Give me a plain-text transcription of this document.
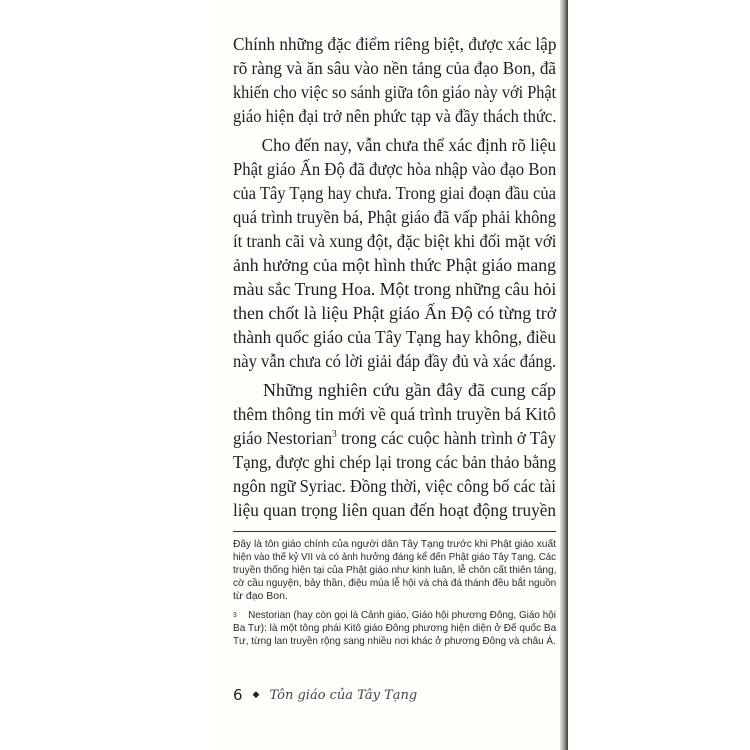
Chính những đặc điểm riêng biệt, được xác lập
rõ ràng và ăn sâu vào nền tảng của đạo Bon, đã
khiến cho việc so sánh giữa tôn giáo này với Phật
giáo hiện đại trở nên phức tạp và đầy thách thức.
Cho đến nay, vẫn chưa thể xác định rõ liệu
Phật giáo Ấn Độ đã được hòa nhập vào đạo Bon
của Tây Tạng hay chưa. Trong giai đoạn đầu của
quá trình truyền bá, Phật giáo đã vấp phải không
ít tranh cãi và xung đột, đặc biệt khi đối mặt với
ảnh hưởng của một hình thức Phật giáo mang
màu sắc Trung Hoa. Một trong những câu hỏi
then chốt là liệu Phật giáo Ấn Độ có từng trở
thành quốc giáo của Tây Tạng hay không, điều
này vẫn chưa có lời giải đáp đầy đủ và xác đáng.
Những nghiên cứu gần đây đã cung cấp
thêm thông tin mới về quá trình truyền bá Kitô
giáo Nestorian$^3$ trong các cuộc hành trình ở Tây
Tạng, được ghi chép lại trong các bản thảo bằng
ngôn ngữ Syriac. Đồng thời, việc công bố các tài
liệu quan trọng liên quan đến hoạt động truyền
Đây là tôn giáo chính của người dân Tây Tạng trước khi Phật giáo xuất
hiện vào thế kỷ VII và có ảnh hưởng đáng kể đến Phật giáo Tây Tạng. Các
truyền thống hiện tại của Phật giáo như kinh luân, lễ chôn cất thiên táng,
cờ cầu nguyện, bảy thần, điệu múa lễ hội và chà đá thánh đều bắt nguồn
từ đạo Bon.
$^3$ Nestorian (hay còn gọi là Cảnh giáo, Giáo hội phương Đông, Giáo hội
Ba Tư): là một tông phái Kitô giáo Đông phương hiện diện ở Đế quốc Ba
Tư, từng lan truyền rộng sang nhiều nơi khác ở phương Đông và châu Á.
6 ◆ Tôn giáo của Tây Tạng
